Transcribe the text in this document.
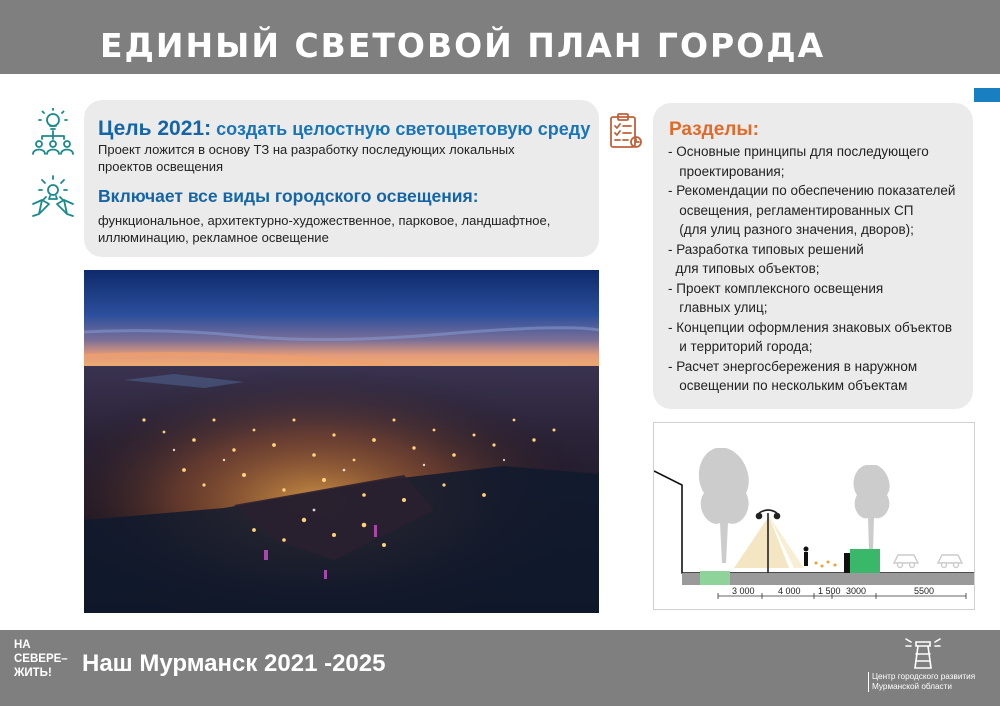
ЕДИНЫЙ СВЕТОВОЙ ПЛАН ГОРОДА
Цель 2021: создать целостную светоцветовую среду
Проект ложится в основу ТЗ на разработку последующих локальных проектов освещения
Включает все виды городского освещения:
функциональное, архитектурно-художественное, парковое, ландшафтное, иллюминацию, рекламное освещение
Разделы:
- Основные принципы для последующего
проектирования;
- Рекомендации по обеспечению показателей
освещения, регламентированных СП
(для улиц разного значения, дворов);
- Разработка типовых решений
для типовых объектов;
- Проект комплексного освещения
главных улиц;
- Концепции оформления знаковых объектов
и территорий города;
- Расчет энергосбережения в наружном
освещении по нескольким объектам
3 000	4 000 1 500 3000	5500
НА
СЕВЕРЕ–
ЖИТЬ!	Наш Мурманск 2021 -2025	Центр городского развития
Мурманской области
